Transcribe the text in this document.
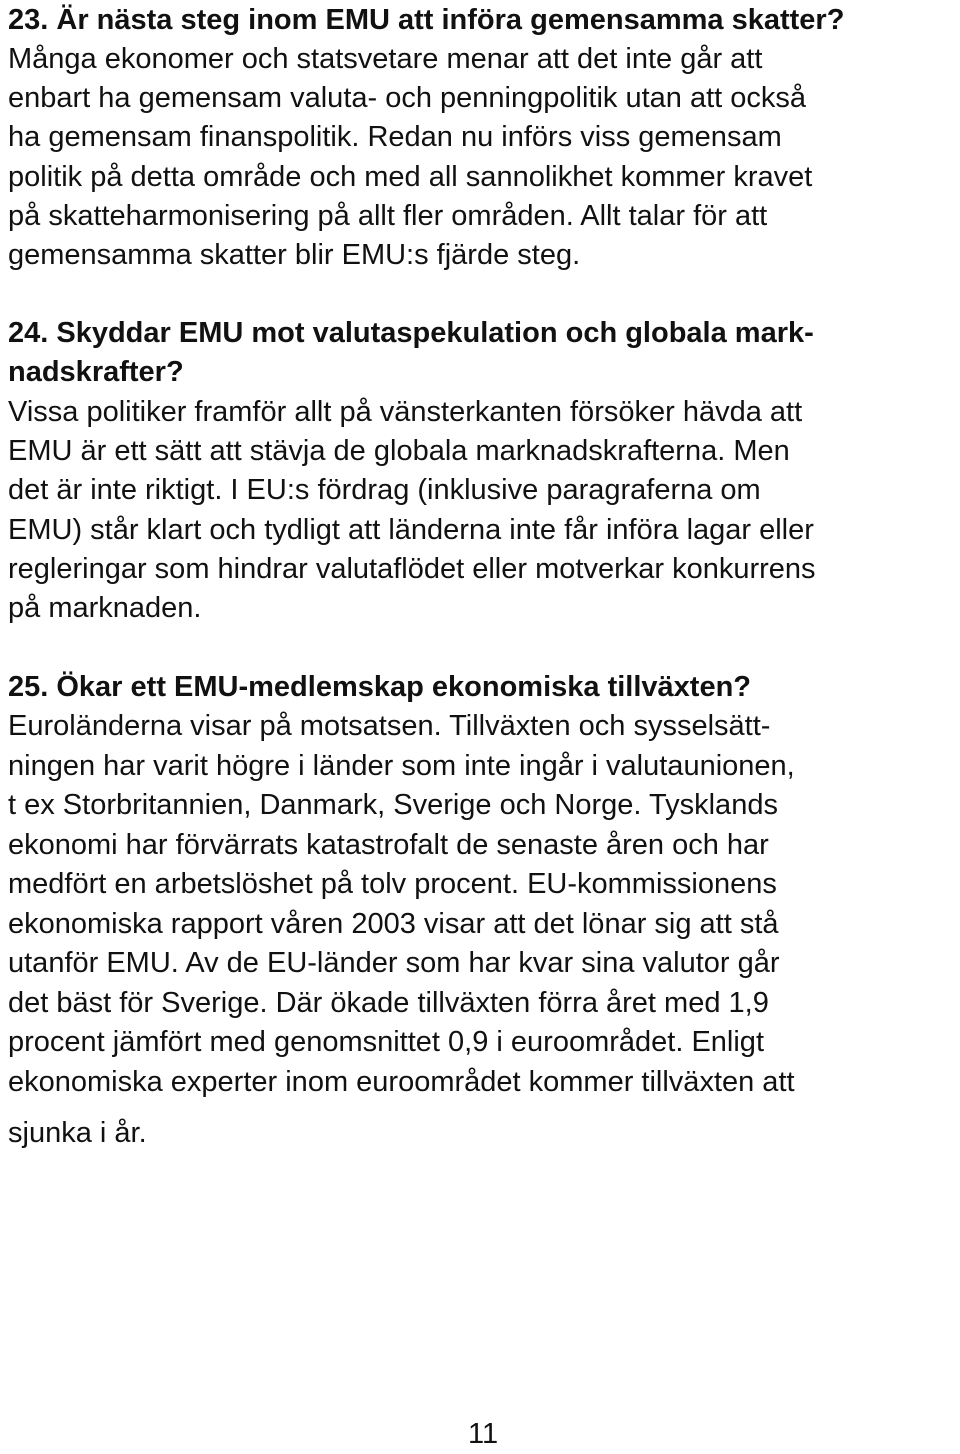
23. Är nästa steg inom EMU att införa gemensamma skatter?
Många ekonomer och statsvetare menar att det inte går att
enbart ha gemensam valuta- och penningpolitik utan att också
ha gemensam finanspolitik. Redan nu införs viss gemensam
politik på detta område och med all sannolikhet kommer kravet
på skatteharmonisering på allt fler områden. Allt talar för att
gemensamma skatter blir EMU:s fjärde steg.
24. Skyddar EMU mot valutaspekulation och globala mark-
nadskrafter?
Vissa politiker framför allt på vänsterkanten försöker hävda att
EMU är ett sätt att stävja de globala marknadskrafterna. Men
det är inte riktigt. I EU:s fördrag (inklusive paragraferna om
EMU) står klart och tydligt att länderna inte får införa lagar eller
regleringar som hindrar valutaflödet eller motverkar konkurrens
på marknaden.
25. Ökar ett EMU-medlemskap ekonomiska tillväxten?
Euroländerna visar på motsatsen. Tillväxten och sysselsätt-
ningen har varit högre i länder som inte ingår i valutaunionen,
t ex Storbritannien, Danmark, Sverige och Norge. Tysklands
ekonomi har förvärrats katastrofalt de senaste åren och har
medfört en arbetslöshet på tolv procent. EU-kommissionens
ekonomiska rapport våren 2003 visar att det lönar sig att stå
utanför EMU. Av de EU-länder som har kvar sina valutor går
det bäst för Sverige. Där ökade tillväxten förra året med 1,9
procent jämfört med genomsnittet 0,9 i euroområdet. Enligt
ekonomiska experter inom euroområdet kommer tillväxten att
sjunka i år.
11
